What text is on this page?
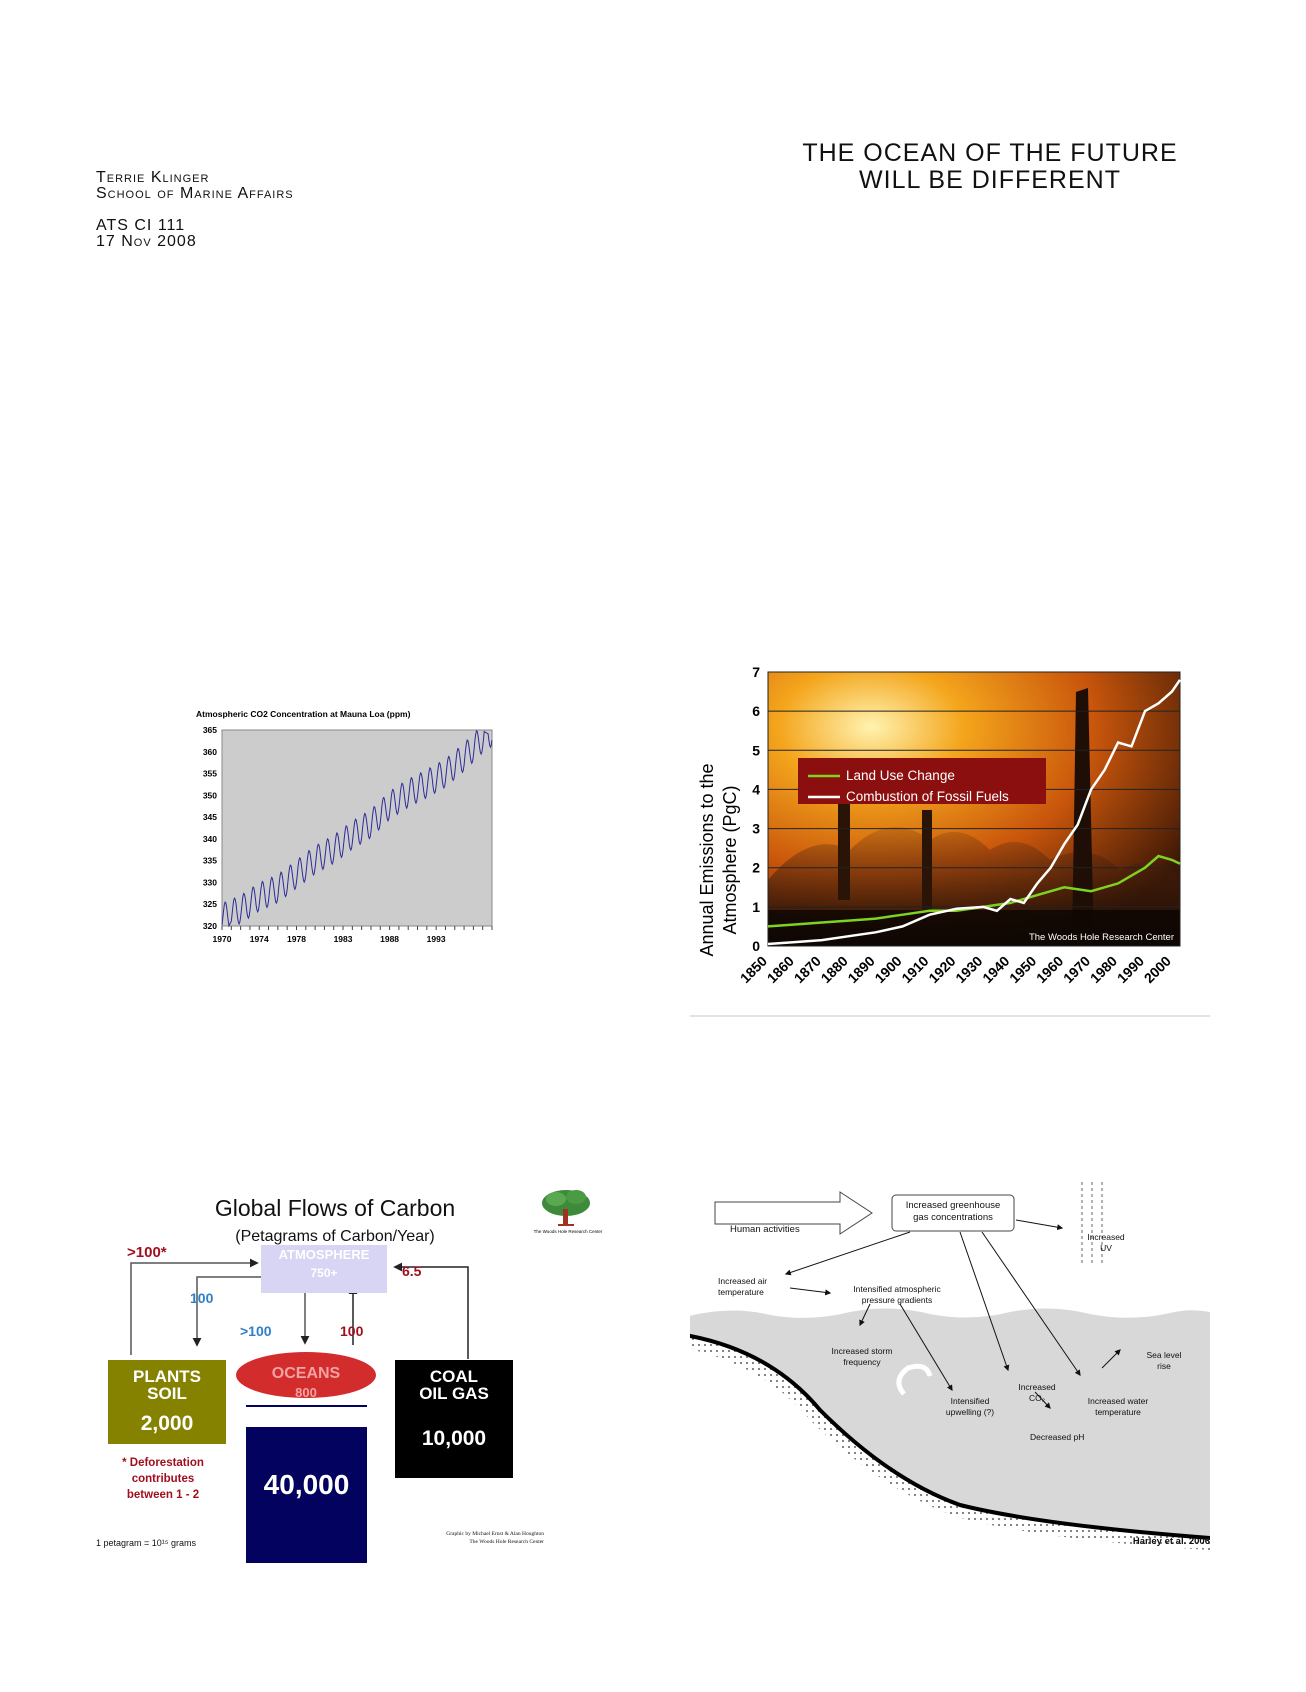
Terrie Klinger
School of Marine Affairs
ATS CI 111
17 Nov 2008
THE OCEAN OF THE FUTURE
WILL BE DIFFERENT
Atmospheric CO2 Concentration at Mauna Loa (ppm)
365
360
355
350
345
340
335
330
325
320
1970 1974 1978	1983	1988	1993	Annual Emissions to the Atmosphere (PgC)
0
1
2
3
4
5
6
7
1850
1860
1870
1880
1890
1900
1910
1920
1930
1940
1950
1960
1970
1980
1990
2000
Land Use Change
Combustion of Fossil Fuels
The Woods Hole Research Center
Global Flows of Carbon
(Petagrams of Carbon/Year)	The Woods Hole Research Center
ATMOSPHERE
750+
PLANTS
SOIL
2,000
OCEANS
800
40,000
COAL
OIL GAS
10,000
>100*
100
>100	100
6.5
* Deforestation
contributes
between 1 - 2
1 petagram = 10¹⁵ grams
Graphic by Michael Ernst & Alan Houghton
The Woods Hole Research Center
Human activities
Increased greenhouse
gas concentrations
Increased
UV
Increased air
temperature	Intensified atmospheric
pressure gradients
Increased storm
frequency
Intensified
upwelling (?)
Increased
CO₂
Decreased pH
Increased water
temperature
Sea level
rise
Harley et al. 2006
